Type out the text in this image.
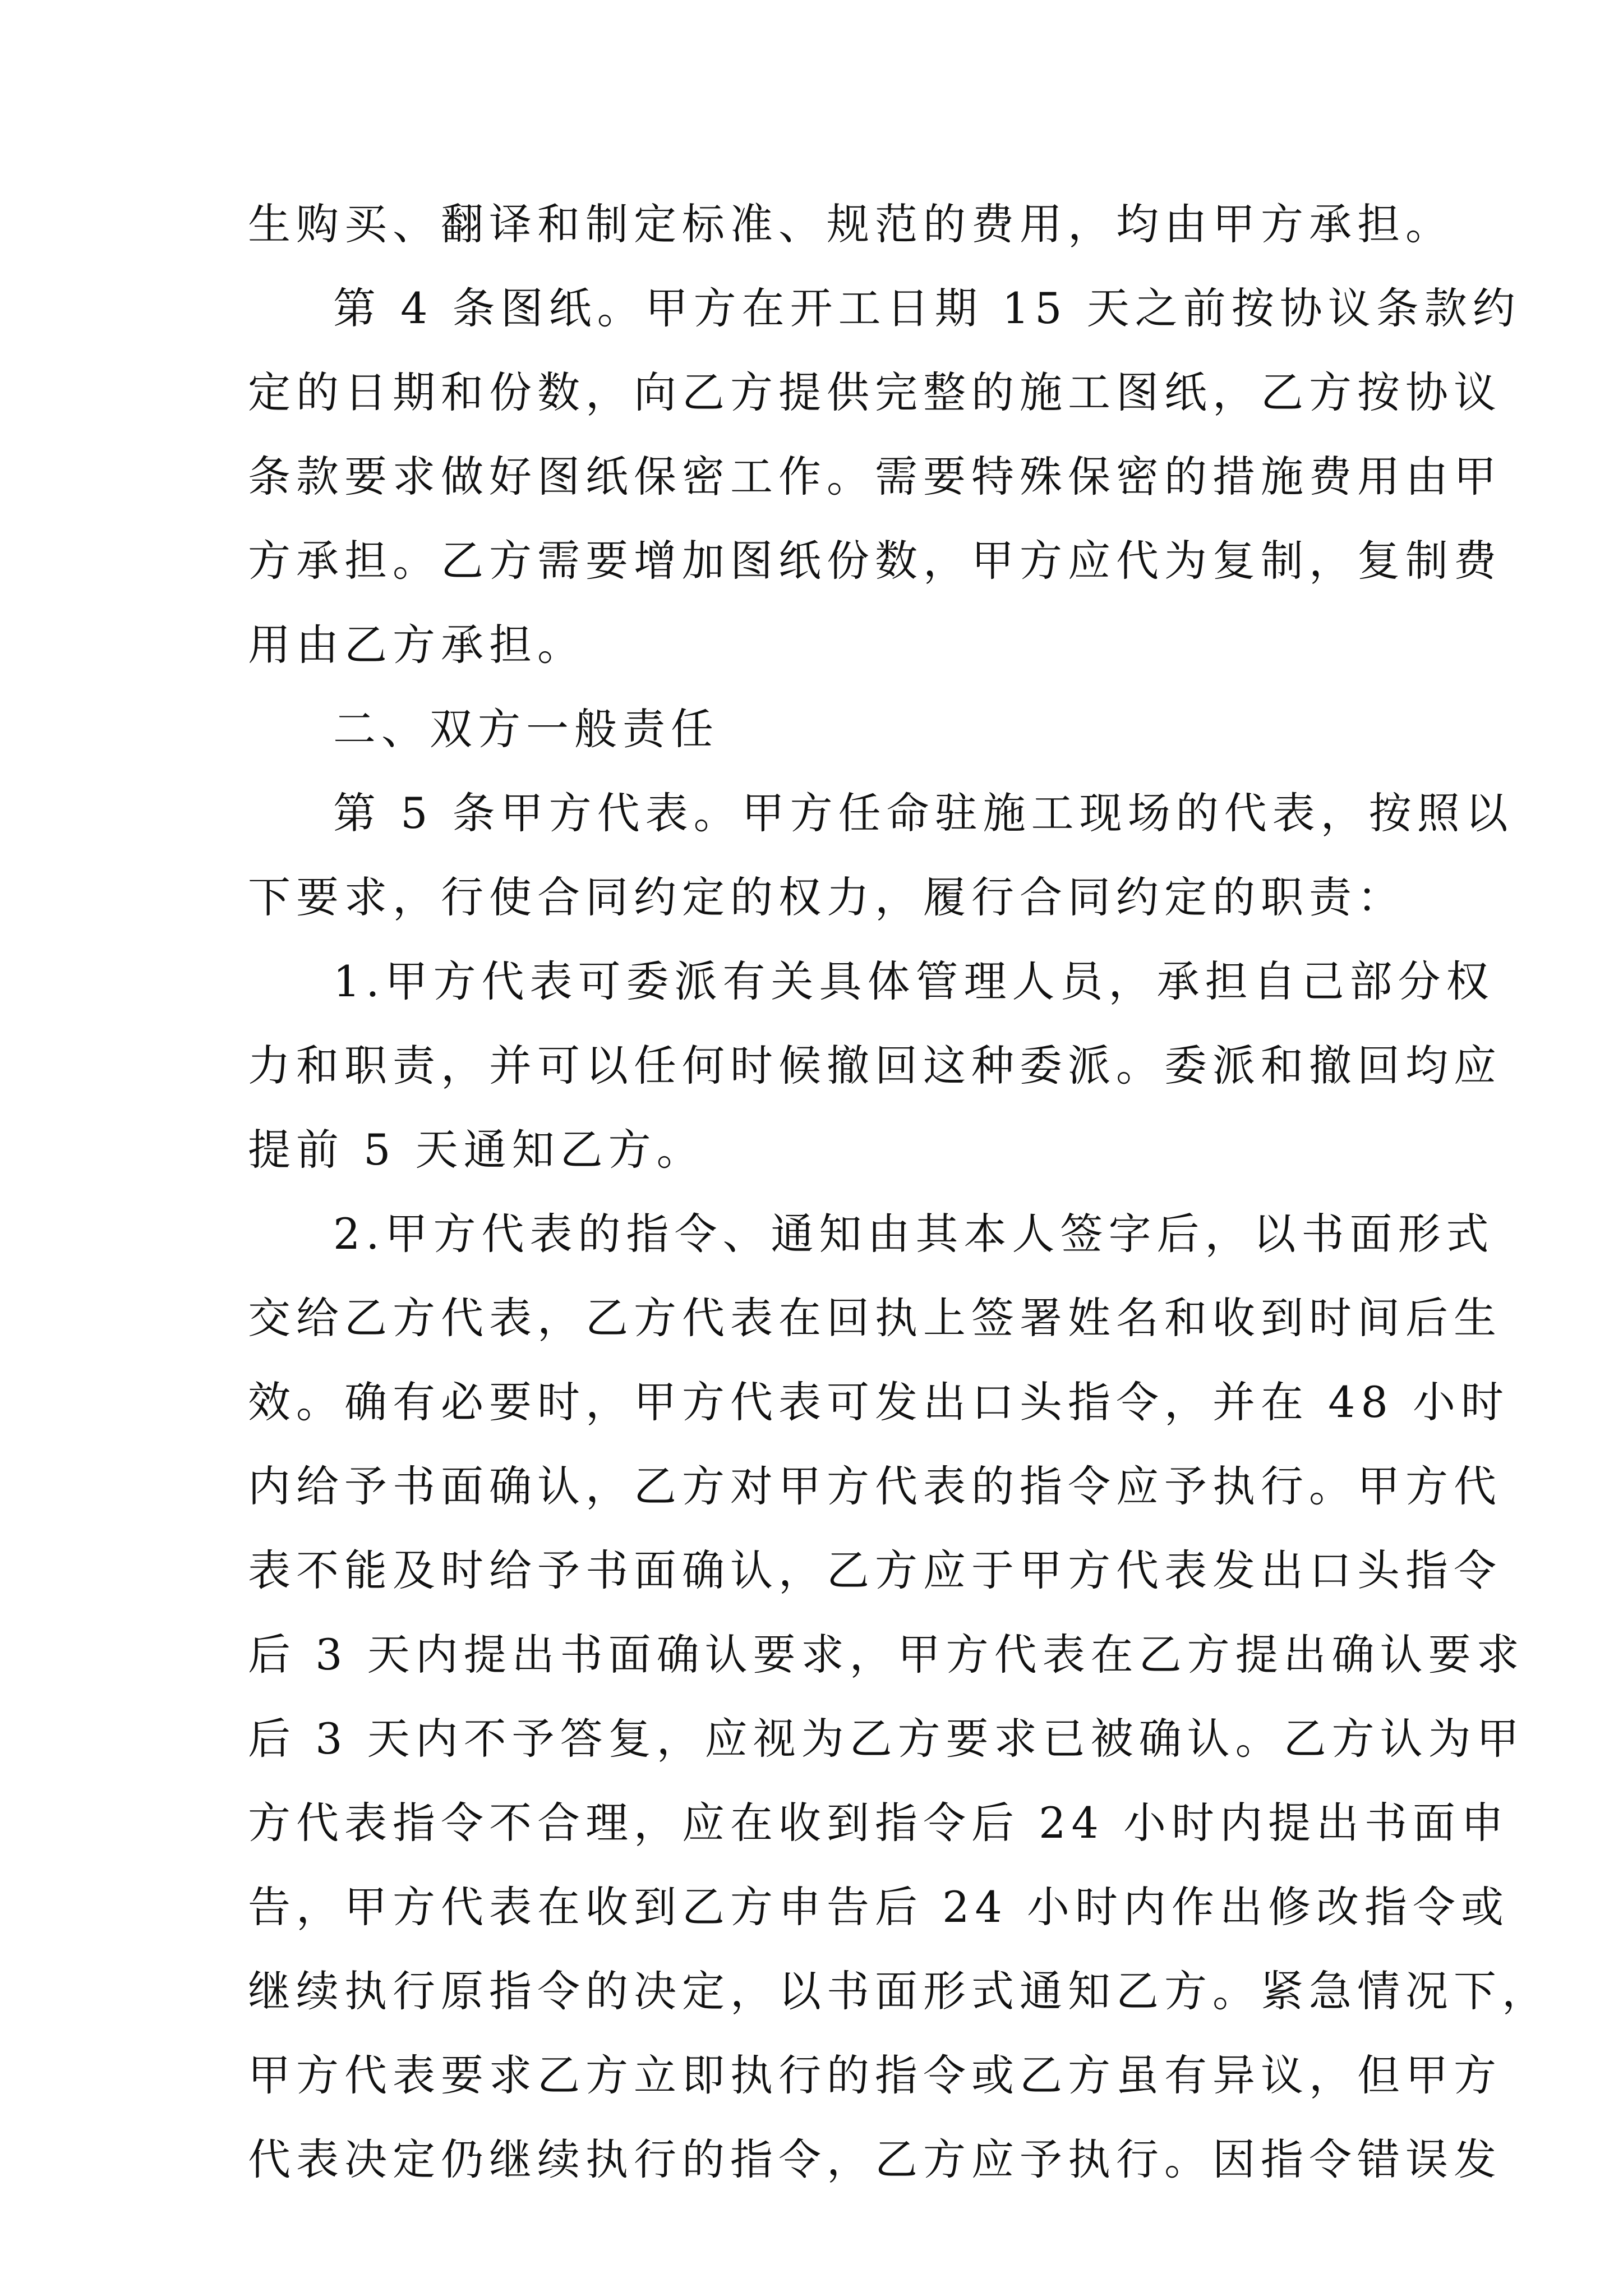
生购买、翻译和制定标准、规范的费用，均由甲方承担。
第 4 条图纸。甲方在开工日期 15 天之前按协议条款约
定的日期和份数，向乙方提供完整的施工图纸，乙方按协议
条款要求做好图纸保密工作。需要特殊保密的措施费用由甲
方承担。乙方需要增加图纸份数，甲方应代为复制，复制费
用由乙方承担。
二、双方一般责任
第 5 条甲方代表。甲方任命驻施工现场的代表，按照以
下要求，行使合同约定的权力，履行合同约定的职责：
1.甲方代表可委派有关具体管理人员，承担自己部分权
力和职责，并可以任何时候撤回这种委派。委派和撤回均应
提前 5 天通知乙方。
2.甲方代表的指令、通知由其本人签字后，以书面形式
交给乙方代表，乙方代表在回执上签署姓名和收到时间后生
效。确有必要时，甲方代表可发出口头指令，并在 48 小时
内给予书面确认，乙方对甲方代表的指令应予执行。甲方代
表不能及时给予书面确认，乙方应于甲方代表发出口头指令
后 3 天内提出书面确认要求，甲方代表在乙方提出确认要求
后 3 天内不予答复，应视为乙方要求已被确认。乙方认为甲
方代表指令不合理，应在收到指令后 24 小时内提出书面申
告，甲方代表在收到乙方申告后 24 小时内作出修改指令或
继续执行原指令的决定，以书面形式通知乙方。紧急情况下，
甲方代表要求乙方立即执行的指令或乙方虽有异议，但甲方
代表决定仍继续执行的指令，乙方应予执行。因指令错误发
